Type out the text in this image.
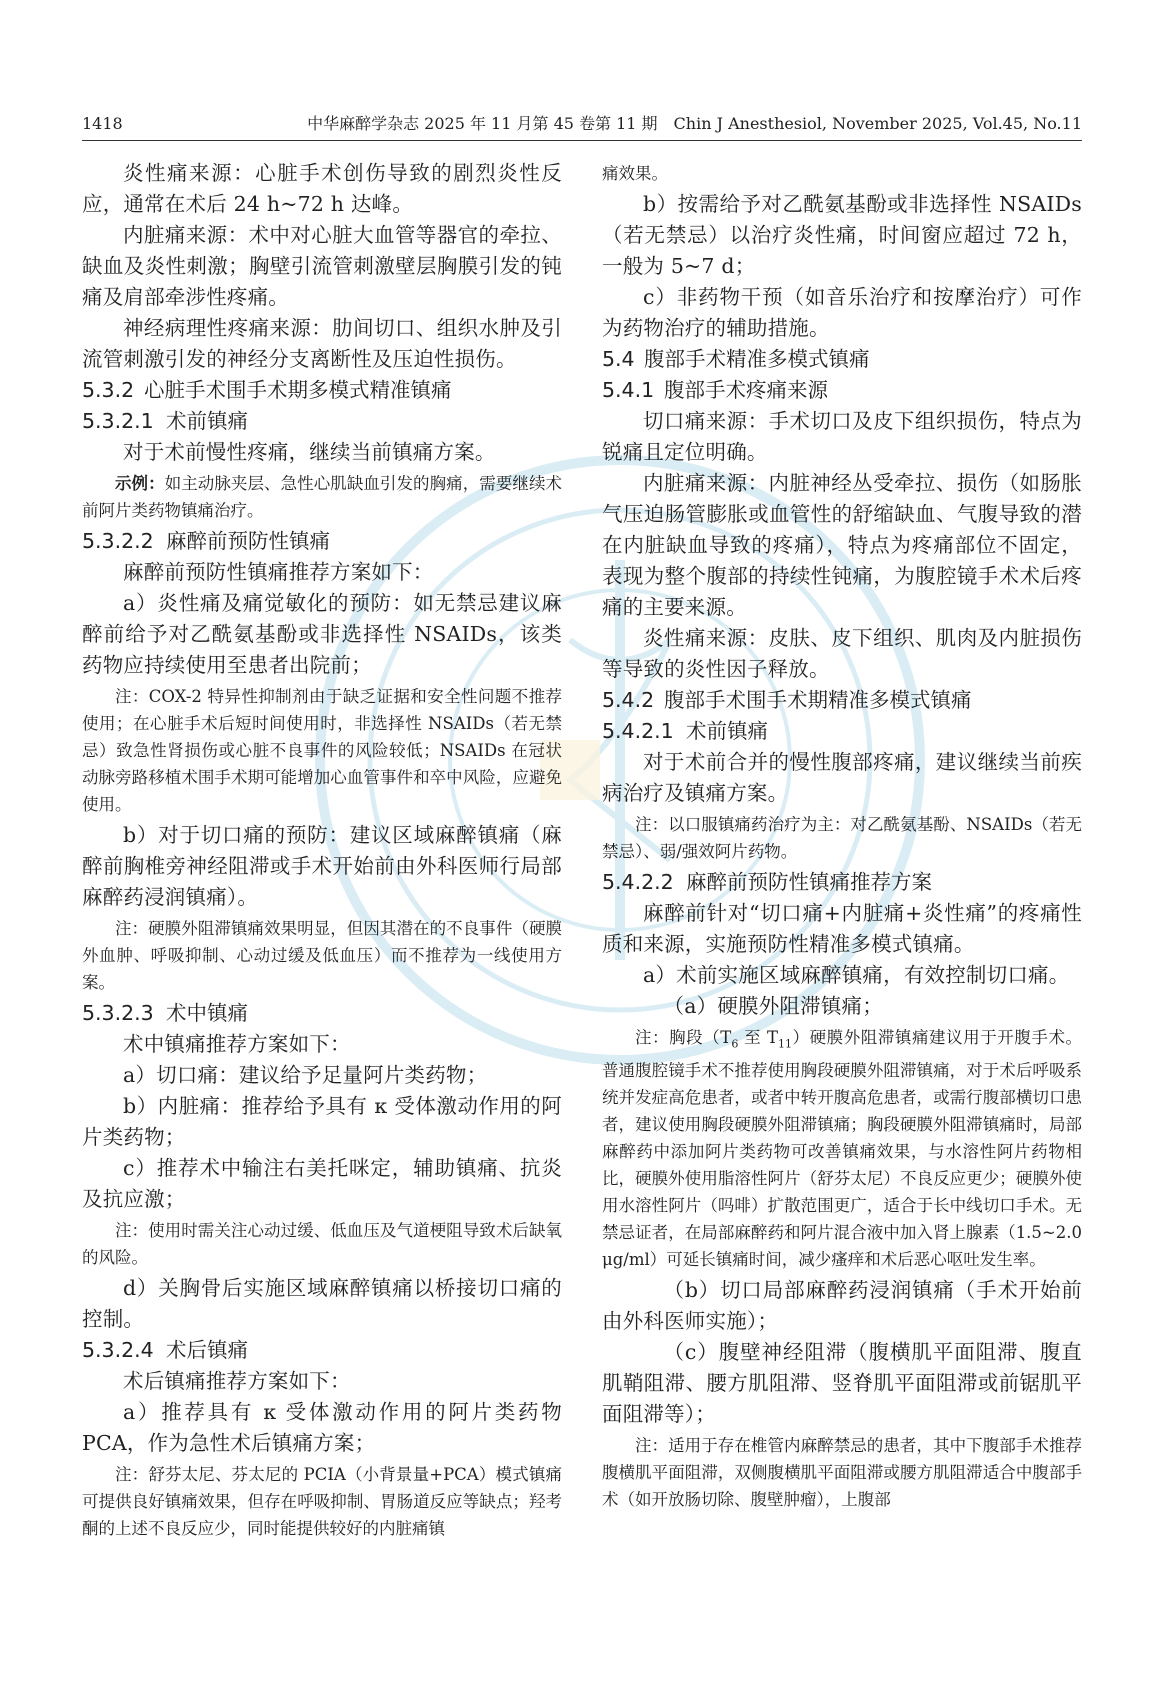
1418	中华麻醉学杂志 2025 年 11 月第 45 卷第 11 期　Chin J Anesthesiol, November 2025, Vol.45, No.11

炎性痛来源：心脏手术创伤导致的剧烈炎性反应，通常在术后 24 h~72 h 达峰。

内脏痛来源：术中对心脏大血管等器官的牵拉、缺血及炎性刺激；胸壁引流管刺激壁层胸膜引发的钝痛及肩部牵涉性疼痛。

神经病理性疼痛来源：肋间切口、组织水肿及引流管刺激引发的神经分支离断性及压迫性损伤。

5.3.2 心脏手术围手术期多模式精准镇痛

5.3.2.1 术前镇痛

对于术前慢性疼痛，继续当前镇痛方案。

示例：如主动脉夹层、急性心肌缺血引发的胸痛，需要继续术前阿片类药物镇痛治疗。

5.3.2.2 麻醉前预防性镇痛

麻醉前预防性镇痛推荐方案如下：

a）炎性痛及痛觉敏化的预防：如无禁忌建议麻醉前给予对乙酰氨基酚或非选择性 NSAIDs，该类药物应持续使用至患者出院前；

注：COX-2 特异性抑制剂由于缺乏证据和安全性问题不推荐使用；在心脏手术后短时间使用时，非选择性 NSAIDs（若无禁忌）致急性肾损伤或心脏不良事件的风险较低；NSAIDs 在冠状动脉旁路移植术围手术期可能增加心血管事件和卒中风险，应避免使用。

b）对于切口痛的预防：建议区域麻醉镇痛（麻醉前胸椎旁神经阻滞或手术开始前由外科医师行局部麻醉药浸润镇痛）。

注：硬膜外阻滞镇痛效果明显，但因其潜在的不良事件（硬膜外血肿、呼吸抑制、心动过缓及低血压）而不推荐为一线使用方案。

5.3.2.3 术中镇痛

术中镇痛推荐方案如下：

a）切口痛：建议给予足量阿片类药物；

b）内脏痛：推荐给予具有 κ 受体激动作用的阿片类药物；

c）推荐术中输注右美托咪定，辅助镇痛、抗炎及抗应激；

注：使用时需关注心动过缓、低血压及气道梗阻导致术后缺氧的风险。

d）关胸骨后实施区域麻醉镇痛以桥接切口痛的控制。

5.3.2.4 术后镇痛

术后镇痛推荐方案如下：

a）推荐具有 κ 受体激动作用的阿片类药物 PCA，作为急性术后镇痛方案；

注：舒芬太尼、芬太尼的 PCIA（小背景量+PCA）模式镇痛可提供良好镇痛效果，但存在呼吸抑制、胃肠道反应等缺点；羟考酮的上述不良反应少，同时能提供较好的内脏痛镇

痛效果。

b）按需给予对乙酰氨基酚或非选择性 NSAIDs（若无禁忌）以治疗炎性痛，时间窗应超过 72 h，一般为 5~7 d；

c）非药物干预（如音乐治疗和按摩治疗）可作为药物治疗的辅助措施。

5.4 腹部手术精准多模式镇痛

5.4.1 腹部手术疼痛来源

切口痛来源：手术切口及皮下组织损伤，特点为锐痛且定位明确。

内脏痛来源：内脏神经丛受牵拉、损伤（如肠胀气压迫肠管膨胀或血管性的舒缩缺血、气腹导致的潜在内脏缺血导致的疼痛），特点为疼痛部位不固定，表现为整个腹部的持续性钝痛，为腹腔镜手术术后疼痛的主要来源。

炎性痛来源：皮肤、皮下组织、肌肉及内脏损伤等导致的炎性因子释放。

5.4.2 腹部手术围手术期精准多模式镇痛

5.4.2.1 术前镇痛

对于术前合并的慢性腹部疼痛，建议继续当前疾病治疗及镇痛方案。

注：以口服镇痛药治疗为主：对乙酰氨基酚、NSAIDs（若无禁忌）、弱/强效阿片药物。

5.4.2.2 麻醉前预防性镇痛推荐方案

麻醉前针对“切口痛+内脏痛+炎性痛”的疼痛性质和来源，实施预防性精准多模式镇痛。

a）术前实施区域麻醉镇痛，有效控制切口痛。

（a）硬膜外阻滞镇痛；

注：胸段（$T_6$ 至 $T_{11}$）硬膜外阻滞镇痛建议用于开腹手术。普通腹腔镜手术不推荐使用胸段硬膜外阻滞镇痛，对于术后呼吸系统并发症高危患者，或者中转开腹高危患者，或需行腹部横切口患者，建议使用胸段硬膜外阻滞镇痛；胸段硬膜外阻滞镇痛时，局部麻醉药中添加阿片类药物可改善镇痛效果，与水溶性阿片药物相比，硬膜外使用脂溶性阿片（舒芬太尼）不良反应更少；硬膜外使用水溶性阿片（吗啡）扩散范围更广，适合于长中线切口手术。无禁忌证者，在局部麻醉药和阿片混合液中加入肾上腺素（1.5~2.0 μg/ml）可延长镇痛时间，减少瘙痒和术后恶心呕吐发生率。

（b）切口局部麻醉药浸润镇痛（手术开始前由外科医师实施）；

（c）腹壁神经阻滞（腹横肌平面阻滞、腹直肌鞘阻滞、腰方肌阻滞、竖脊肌平面阻滞或前锯肌平面阻滞等）；

注：适用于存在椎管内麻醉禁忌的患者，其中下腹部手术推荐腹横肌平面阻滞，双侧腹横肌平面阻滞或腰方肌阻滞适合中腹部手术（如开放肠切除、腹壁肿瘤），上腹部
